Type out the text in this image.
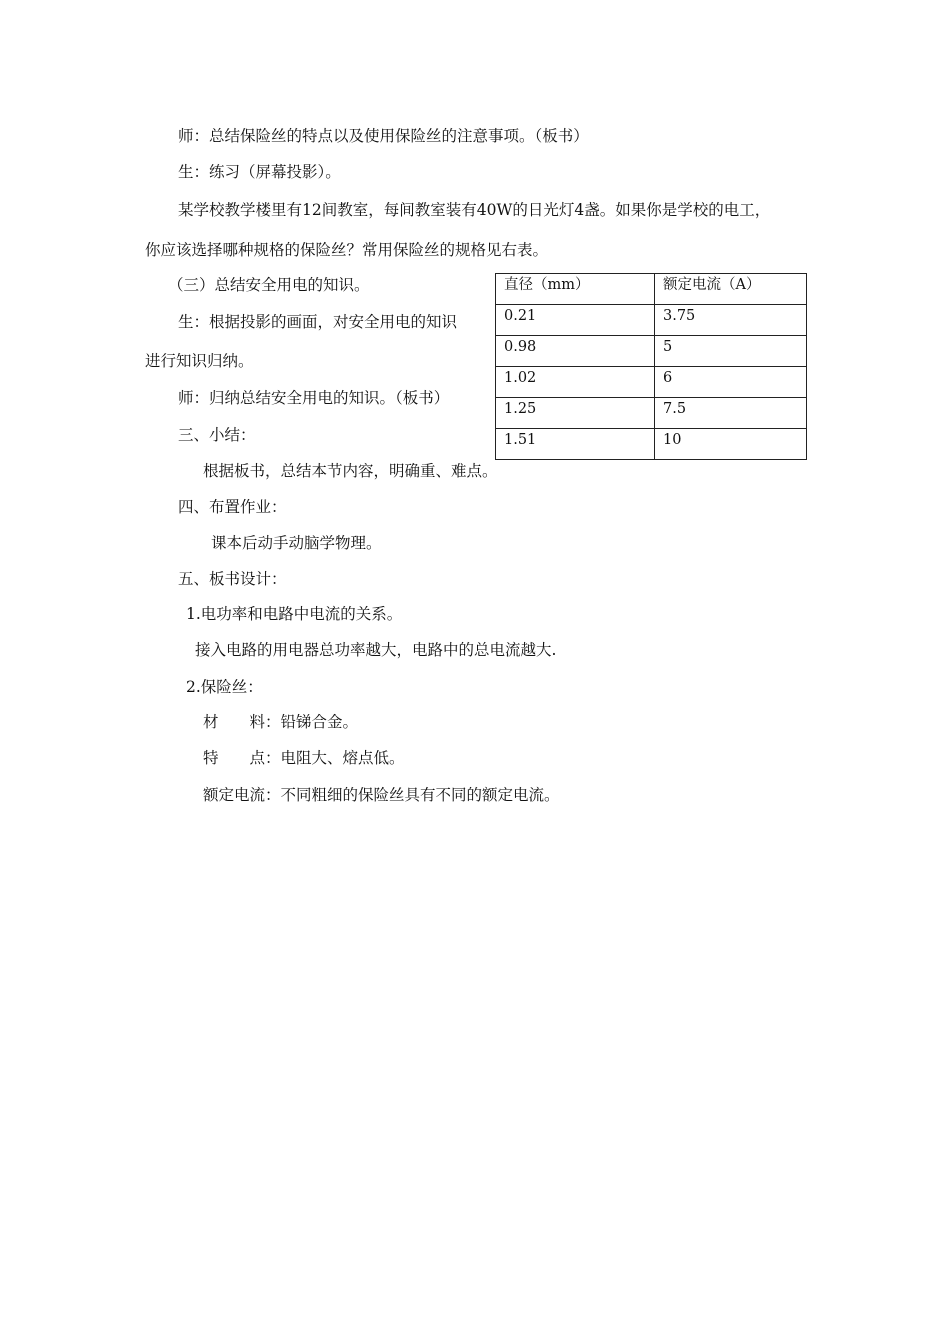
师：总结保险丝的特点以及使用保险丝的注意事项。（板书）
生：练习（屏幕投影）。
某学校教学楼里有12间教室，每间教室装有40W的日光灯4盏。如果你是学校的电工，
你应该选择哪种规格的保险丝？常用保险丝的规格见右表。
（三）总结安全用电的知识。
生：根据投影的画面，对安全用电的知识
进行知识归纳。
师：归纳总结安全用电的知识。（板书）
三、小结：
根据板书，总结本节内容，明确重、难点。
四、布置作业：
课本后动手动脑学物理。
五、板书设计：
1.电功率和电路中电流的关系。
接入电路的用电器总功率越大，电路中的总电流越大.
2.保险丝：
材　　料：铅锑合金。
特　　点：电阻大、熔点低。
额定电流：不同粗细的保险丝具有不同的额定电流。
直径（mm）	额定电流（A）
0.21	3.75
0.98	5
1.02	6
1.25	7.5
1.51	10
